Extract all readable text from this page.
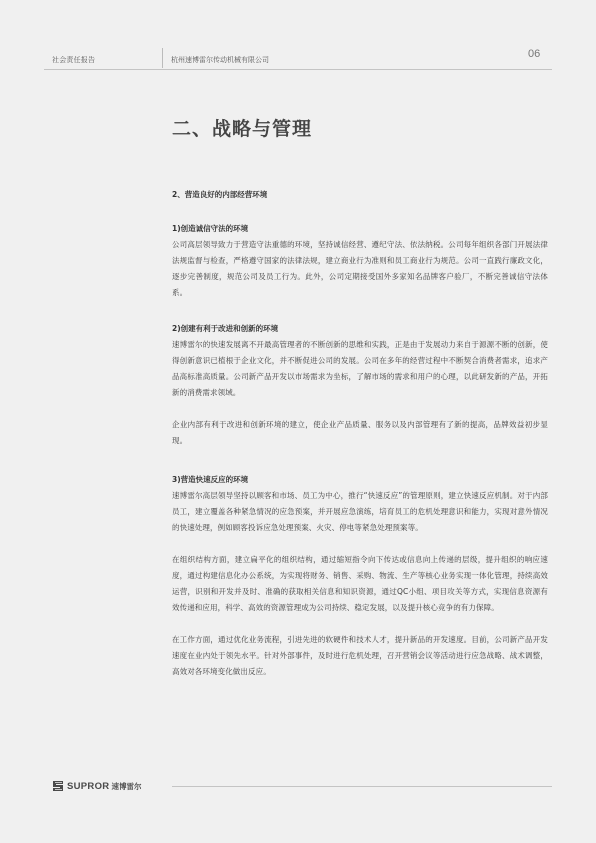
社会责任报告	杭州速博雷尔传动机械有限公司	06
二、战略与管理
2、营造良好的内部经营环境

1)创造诚信守法的环境

公司高层领导致力于营造守法重德的环境，坚持诚信经营、遵纪守法、依法纳税。公司每年组织各部门开展法律法规监督与检查，严格遵守国家的法律法规，建立商业行为准则和员工商业行为规范。公司一直践行廉政文化，逐步完善制度，规范公司及员工行为。此外，公司定期接受国外多家知名品牌客户验厂，不断完善诚信守法体系。

2)创建有利于改进和创新的环境

速博雷尔的快速发展离不开最高管理者的不断创新的思维和实践，正是由于发展动力来自于源源不断的创新，使得创新意识已植根于企业文化，并不断促进公司的发展。公司在多年的经营过程中不断契合消费者需求，追求产品高标准高质量。公司新产品开发以市场需求为坐标，了解市场的需求和用户的心理，以此研发新的产品，开拓新的消费需求领域。

企业内部有利于改进和创新环境的建立，使企业产品质量、服务以及内部管理有了新的提高，品牌效益初步显现。

3)营造快速反应的环境

速博雷尔高层领导坚持以顾客和市场、员工为中心，推行“快速反应”的管理原则，建立快速反应机制。对于内部员工，建立覆盖各种紧急情况的应急预案，并开展应急演练，培育员工的危机处理意识和能力，实现对意外情况的快速处理，例如顾客投诉应急处理预案、火灾、停电等紧急处理预案等。

在组织结构方面，建立扁平化的组织结构，通过缩短指令向下传达或信息向上传递的层级，提升组织的响应速度，通过构建信息化办公系统，为实现将财务、销售、采购、物流、生产等核心业务实现一体化管理，持续高效运营，识别和开发并及时、准确的获取相关信息和知识资源，通过QC小组、项目攻关等方式，实现信息资源有效传递和应用，科学、高效的资源管理成为公司持续、稳定发展，以及提升核心竞争的有力保障。

在工作方面，通过优化业务流程，引进先进的软硬件和技术人才，提升新品的开发速度。目前，公司新产品开发速度在业内处于领先水平。针对外部事件，及时进行危机处理，召开营销会议等活动进行应急战略、战术调整，高效对各环境变化做出反应。

SUPROR 速博雷尔
